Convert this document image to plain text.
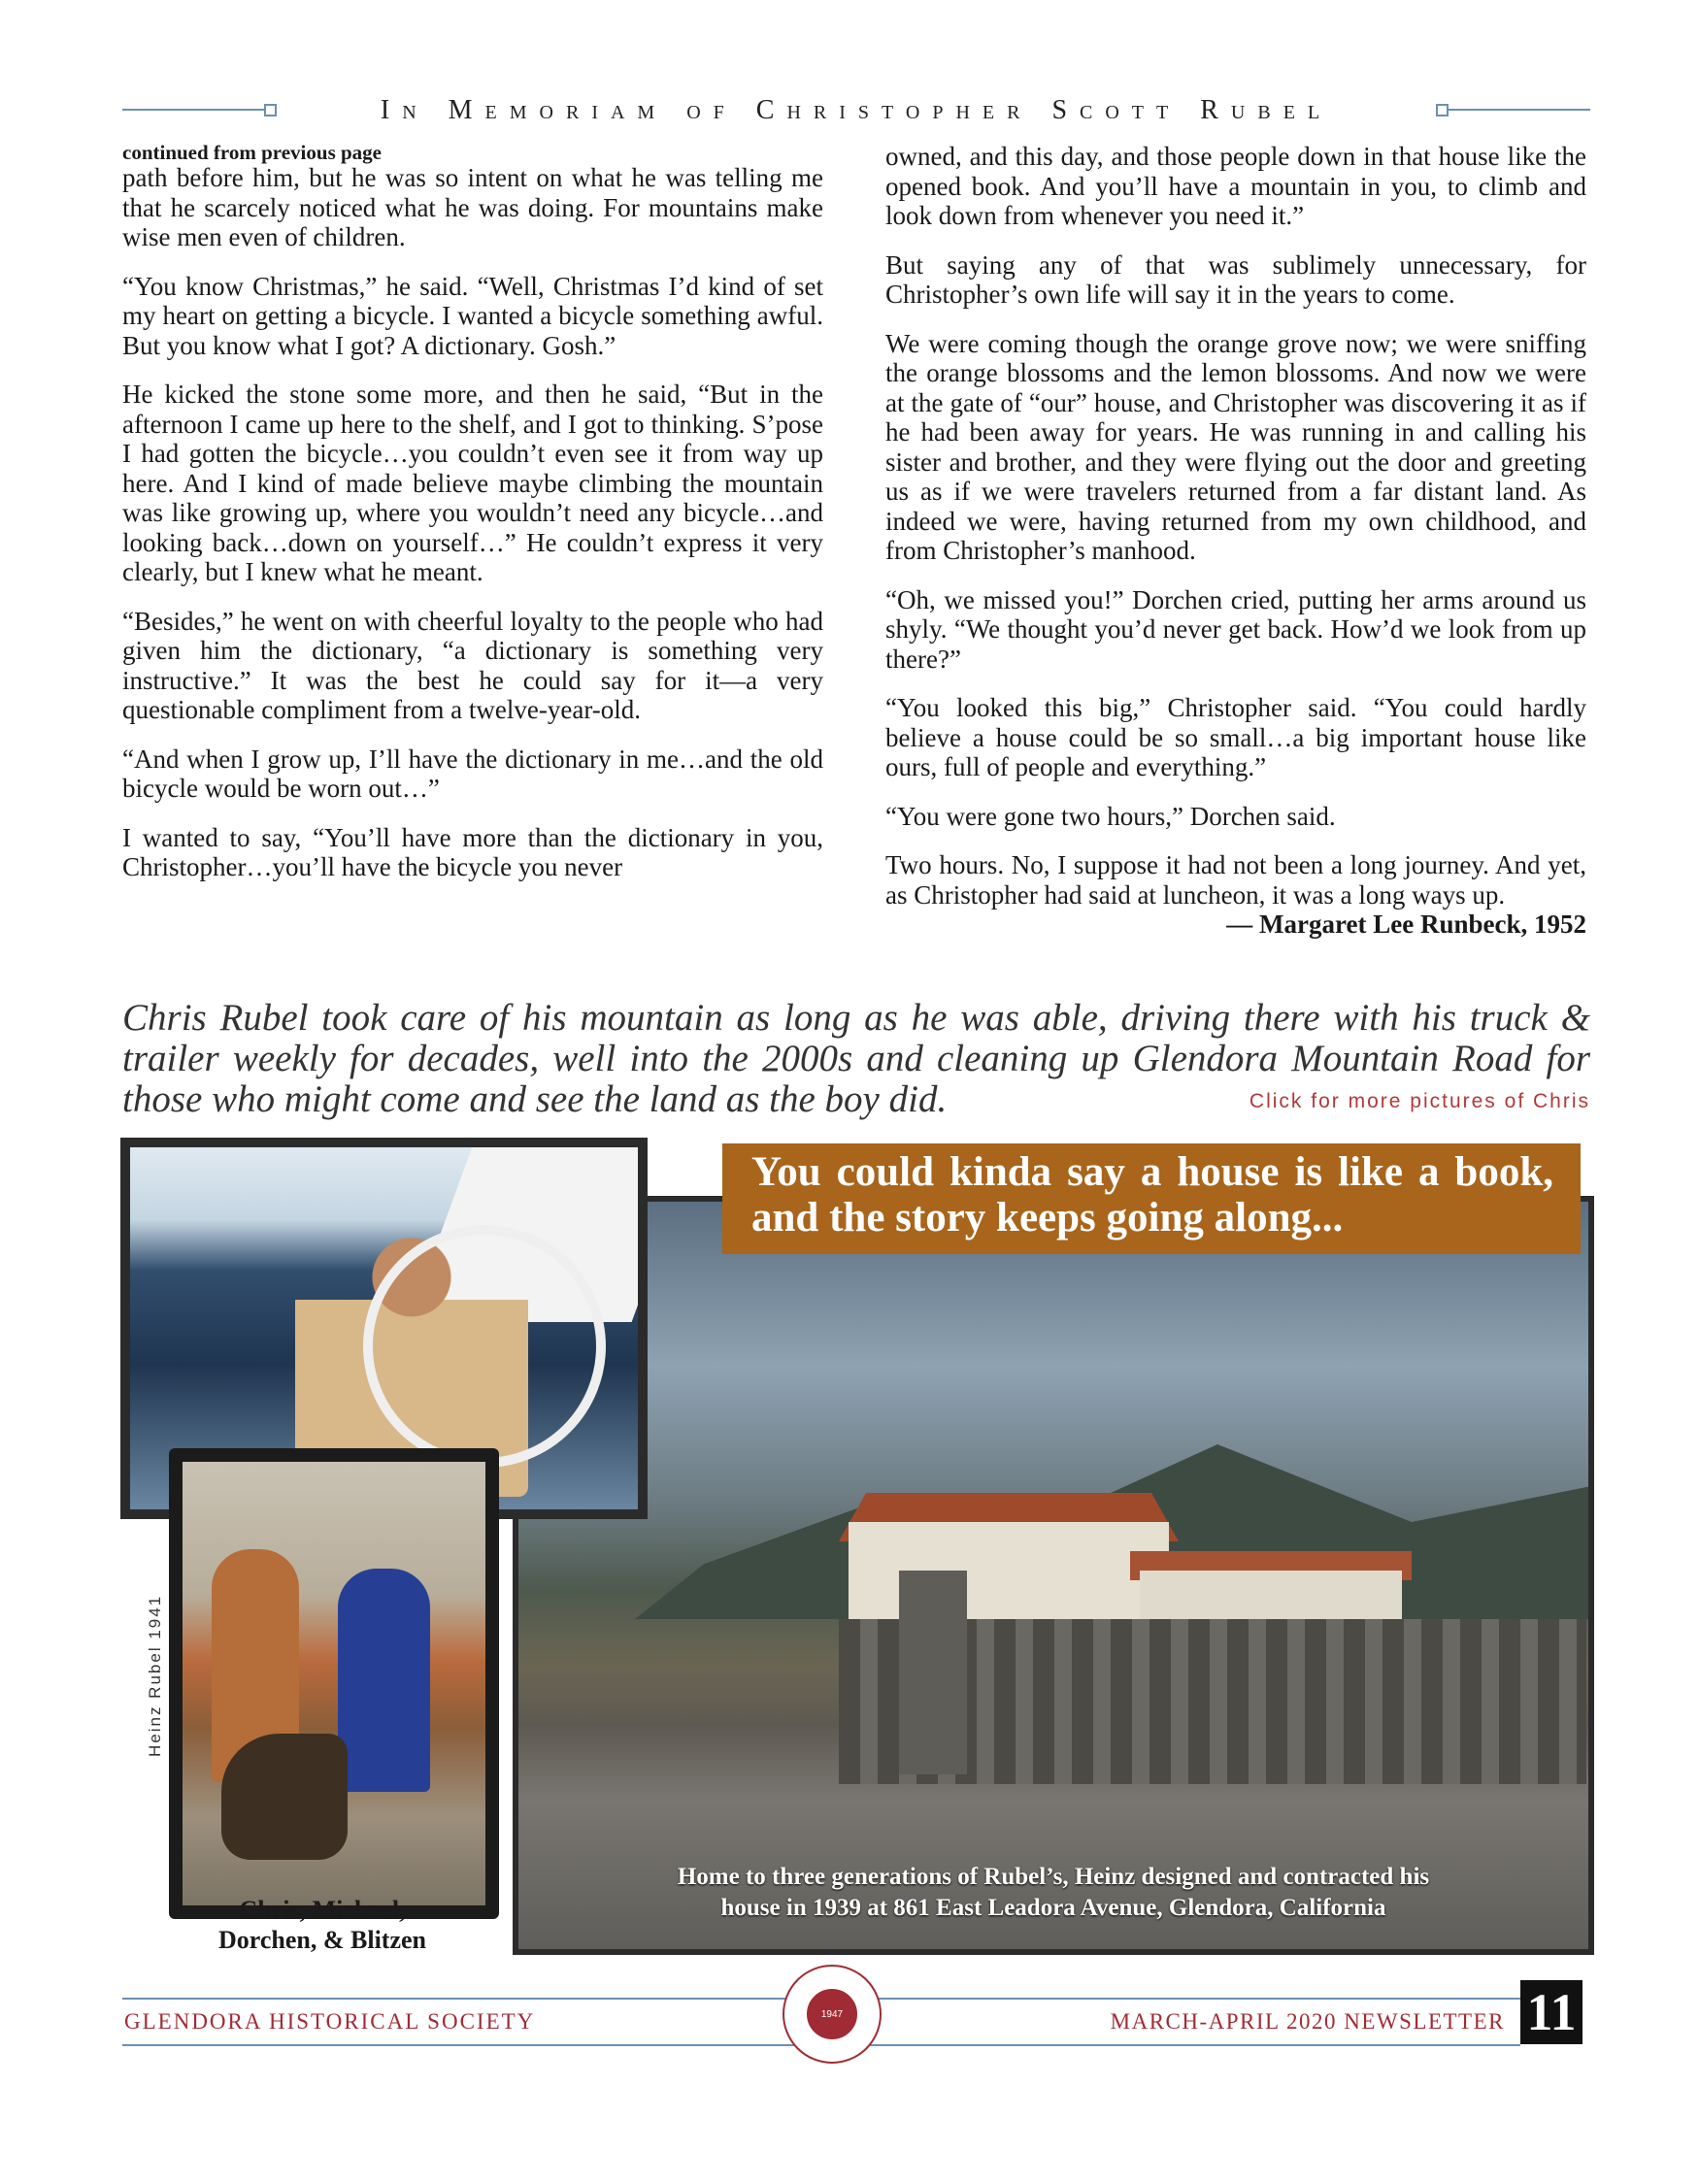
In Memoriam of Christopher Scott Rubel
continued from previous page

path before him, but he was so intent on what he was telling me that he scarcely noticed what he was doing. For mountains make wise men even of children.

“You know Christmas,” he said. “Well, Christmas I’d kind of set my heart on getting a bicycle. I wanted a bicycle something awful. But you know what I got? A dictionary. Gosh.”

He kicked the stone some more, and then he said, “But in the afternoon I came up here to the shelf, and I got to thinking. S’pose I had gotten the bicycle…you couldn’t even see it from way up here. And I kind of made believe maybe climbing the mountain was like growing up, where you wouldn’t need any bicycle…and looking back…down on yourself…” He couldn’t express it very clearly, but I knew what he meant.

“Besides,” he went on with cheerful loyalty to the people who had given him the dictionary, “a dictionary is something very instructive.” It was the best he could say for it—a very questionable compliment from a twelve-year-old.

“And when I grow up, I’ll have the dictionary in me…and the old bicycle would be worn out…”

I wanted to say, “You’ll have more than the dictionary in you, Christopher…you’ll have the bicycle you never

owned, and this day, and those people down in that house like the opened book. And you’ll have a mountain in you, to climb and look down from whenever you need it.”

But saying any of that was sublimely unnecessary, for Christopher’s own life will say it in the years to come.

We were coming though the orange grove now; we were sniffing the orange blossoms and the lemon blossoms. And now we were at the gate of “our” house, and Christopher was discovering it as if he had been away for years. He was running in and calling his sister and brother, and they were flying out the door and greeting us as if we were travelers returned from a far distant land. As indeed we were, having returned from my own childhood, and from Christopher’s manhood.

“Oh, we missed you!” Dorchen cried, putting her arms around us shyly. “We thought you’d never get back. How’d we look from up there?”

“You looked this big,” Christopher said. “You could hardly believe a house could be so small…a big important house like ours, full of people and everything.”

“You were gone two hours,” Dorchen said.

Two hours. No, I suppose it had not been a long journey. And yet, as Christopher had said at luncheon, it was a long ways up.
— Margaret Lee Runbeck, 1952

Chris Rubel took care of his mountain as long as he was able, driving there with his truck & trailer weekly for decades, well into the 2000s and cleaning up Glendora Mountain Road for those who might come and see the land as the boy did.	Click for more pictures of Chris
Home to three generations of Rubel’s, Heinz designed and contracted his
house in 1939 at 861 East Leadora Avenue, Glendora, California
You could kinda say a house is like a book, and the story keeps going along...
Heinz Rubel 1941
Chris, Michael,
Dorchen, & Blitzen
GLENDORA HISTORICAL SOCIETY	1947	MARCH-APRIL 2020 NEWSLETTER 11
